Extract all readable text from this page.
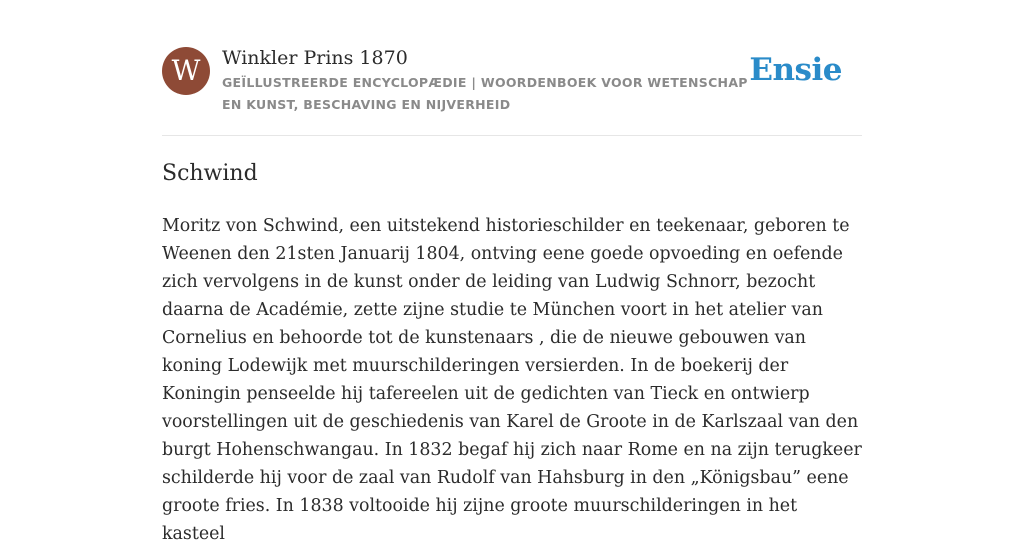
W	Winkler Prins 1870
GEÏLLUSTREERDE ENCYCLOPÆDIE | WOORDENBOEK VOOR WETENSCHAP EN KUNST, BESCHAVING EN NIJVERHEID
Ensie
Schwind

Moritz von Schwind, een uitstekend historieschilder en teekenaar, geboren te Weenen den 21sten Januarij 1804, ontving eene goede opvoeding en oefende zich vervolgens in de kunst onder de leiding van Ludwig Schnorr, bezocht daarna de Académie, zette zijne studie te München voort in het atelier van Cornelius en behoorde tot de kunstenaars , die de nieuwe gebouwen van koning Lodewijk met muurschilderingen versierden. In de boekerij der Koningin penseelde hij tafereelen uit de gedichten van Tieck en ontwierp voorstellingen uit de geschiedenis van Karel de Groote in de Karlszaal van den burgt Hohenschwangau. In 1832 begaf hij zich naar Rome en na zijn terugkeer schilderde hij voor de zaal van Rudolf van Hahsburg in den „Königsbau” eene groote fries. In 1838 voltooide hij zijne groote muurschilderingen in het kasteel
